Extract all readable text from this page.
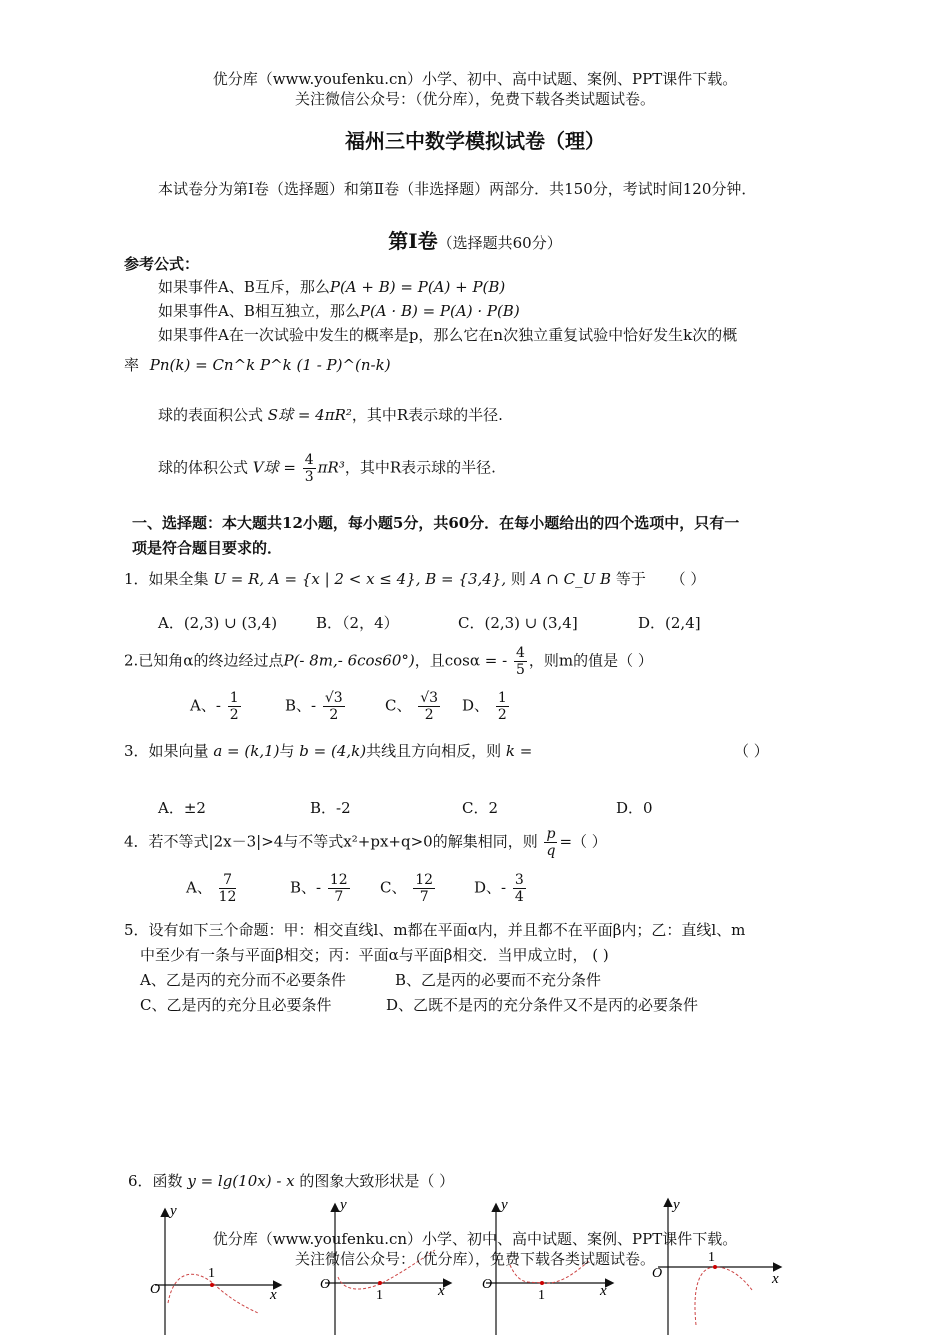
优分库（www.youfenku.cn）小学、初中、高中试题、案例、PPT课件下载。
关注微信公众号：（优分库），免费下载各类试题试卷。
福州三中数学模拟试卷（理）
本试卷分为第Ⅰ卷（选择题）和第Ⅱ卷（非选择题）两部分．共150分，考试时间120分钟．
第Ⅰ卷（选择题共60分）
参考公式：
如果事件A、B互斥，那么P(A + B) = P(A) + P(B)
如果事件A、B相互独立，那么P(A · B) = P(A) · P(B)
如果事件A在一次试验中发生的概率是p，那么它在n次独立重复试验中恰好发生k次的概
率 Pn(k) = Cn^k P^k (1 - P)^(n-k)
球的表面积公式 S球 = 4πR²，其中R表示球的半径.
球的体积公式 V球 = $\frac{4}{3} \pi R^3$，其中R表示球的半径.
一、选择题：本大题共12小题，每小题5分，共60分．在每小题给出的四个选项中，只有一
项是符合题目要求的．
1．如果全集 U = R, A = {x | 2 < x ≤ 4}, B = {3,4}, 则 A ∩ C_U B 等于 （ ）
A．(2,3) ∪ (3,4)	B．（2，4）	C．(2,3) ∪ (3,4]	D．(2,4]
2.已知角α的终边经过点P(- 8m,- 6cos60°)，且cosα = - $\frac{4}{5}$ ，则m的值是（ ）
A、- $\frac{1}{2}$	B、- $\frac{√3}{2}$	C、 $\frac{√3}{2}$ D、 $\frac{1}{2}$
3．如果向量 a = (k,1)与 b = (4,k)共线且方向相反，则 k =	（ ）
A．±2	B．-2	C．2	D．0
4．若不等式|2x－3|>4与不等式x²+px+q>0的解集相同，则 $\frac{p}{q}$ =（ ）
A、 $\frac{7}{12}$	B、- $\frac{12}{7}$ C、 $\frac{12}{7}$	D、- $\frac{3}{4}$
5．设有如下三个命题：甲：相交直线l、m都在平面α内，并且都不在平面β内；乙：直线l、m
中至少有一条与平面β相交；丙：平面α与平面β相交．当甲成立时， ( )
A、乙是丙的充分而不必要条件	B、乙是丙的必要而不充分条件
C、乙是丙的充分且必要条件	D、乙既不是丙的充分条件又不是丙的必要条件
6．函数 y = lg(10x) - x 的图象大致形状是（ ）
y
x
O
1
y
x
O
1
y
x
O
1
y
x
O
1
优分库（www.youfenku.cn）小学、初中、高中试题、案例、PPT课件下载。
关注微信公众号：（优分库），免费下载各类试题试卷。
